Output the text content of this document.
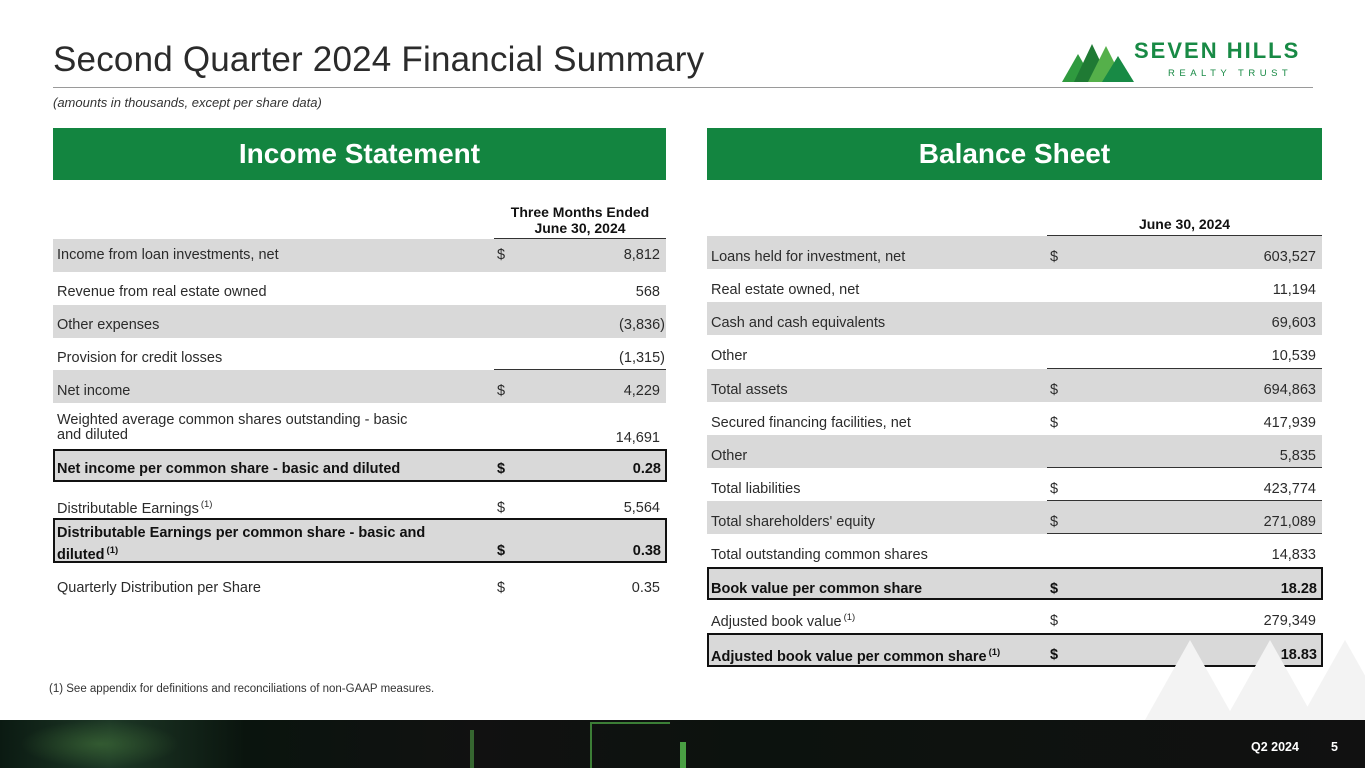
Second Quarter 2024 Financial Summary
(amounts in thousands, except per share data)
SEVEN HILLS
REALTY TRUST
Income Statement	Balance Sheet
Three Months Ended
June 30, 2024
Income from loan investments, net	$	8,812
Revenue from real estate owned	568
Other expenses	(3,836)
Provision for credit losses	(1,315)
Net income	$	4,229
Weighted average common shares outstanding - basic
and diluted	14,691
Net income per common share - basic and diluted	$	0.28
Distributable Earnings $^{(1)}$	$	5,564
Distributable Earnings per common share - basic and
diluted $^{(1)}$	$	0.38
Quarterly Distribution per Share	$	0.35
June 30, 2024
Loans held for investment, net	$	603,527
Real estate owned, net	11,194
Cash and cash equivalents	69,603
Other	10,539
Total assets	$	694,863
Secured financing facilities, net	$	417,939
Other	5,835
Total liabilities	$	423,774
Total shareholders' equity	$	271,089
Total outstanding common shares	14,833
Book value per common share	$	18.28
Adjusted book value $^{(1)}$	$	279,349
Adjusted book value per common share $^{(1)}$	$	18.83
(1) See appendix for definitions and reconciliations of non-GAAP measures.
Q2 2024	5
